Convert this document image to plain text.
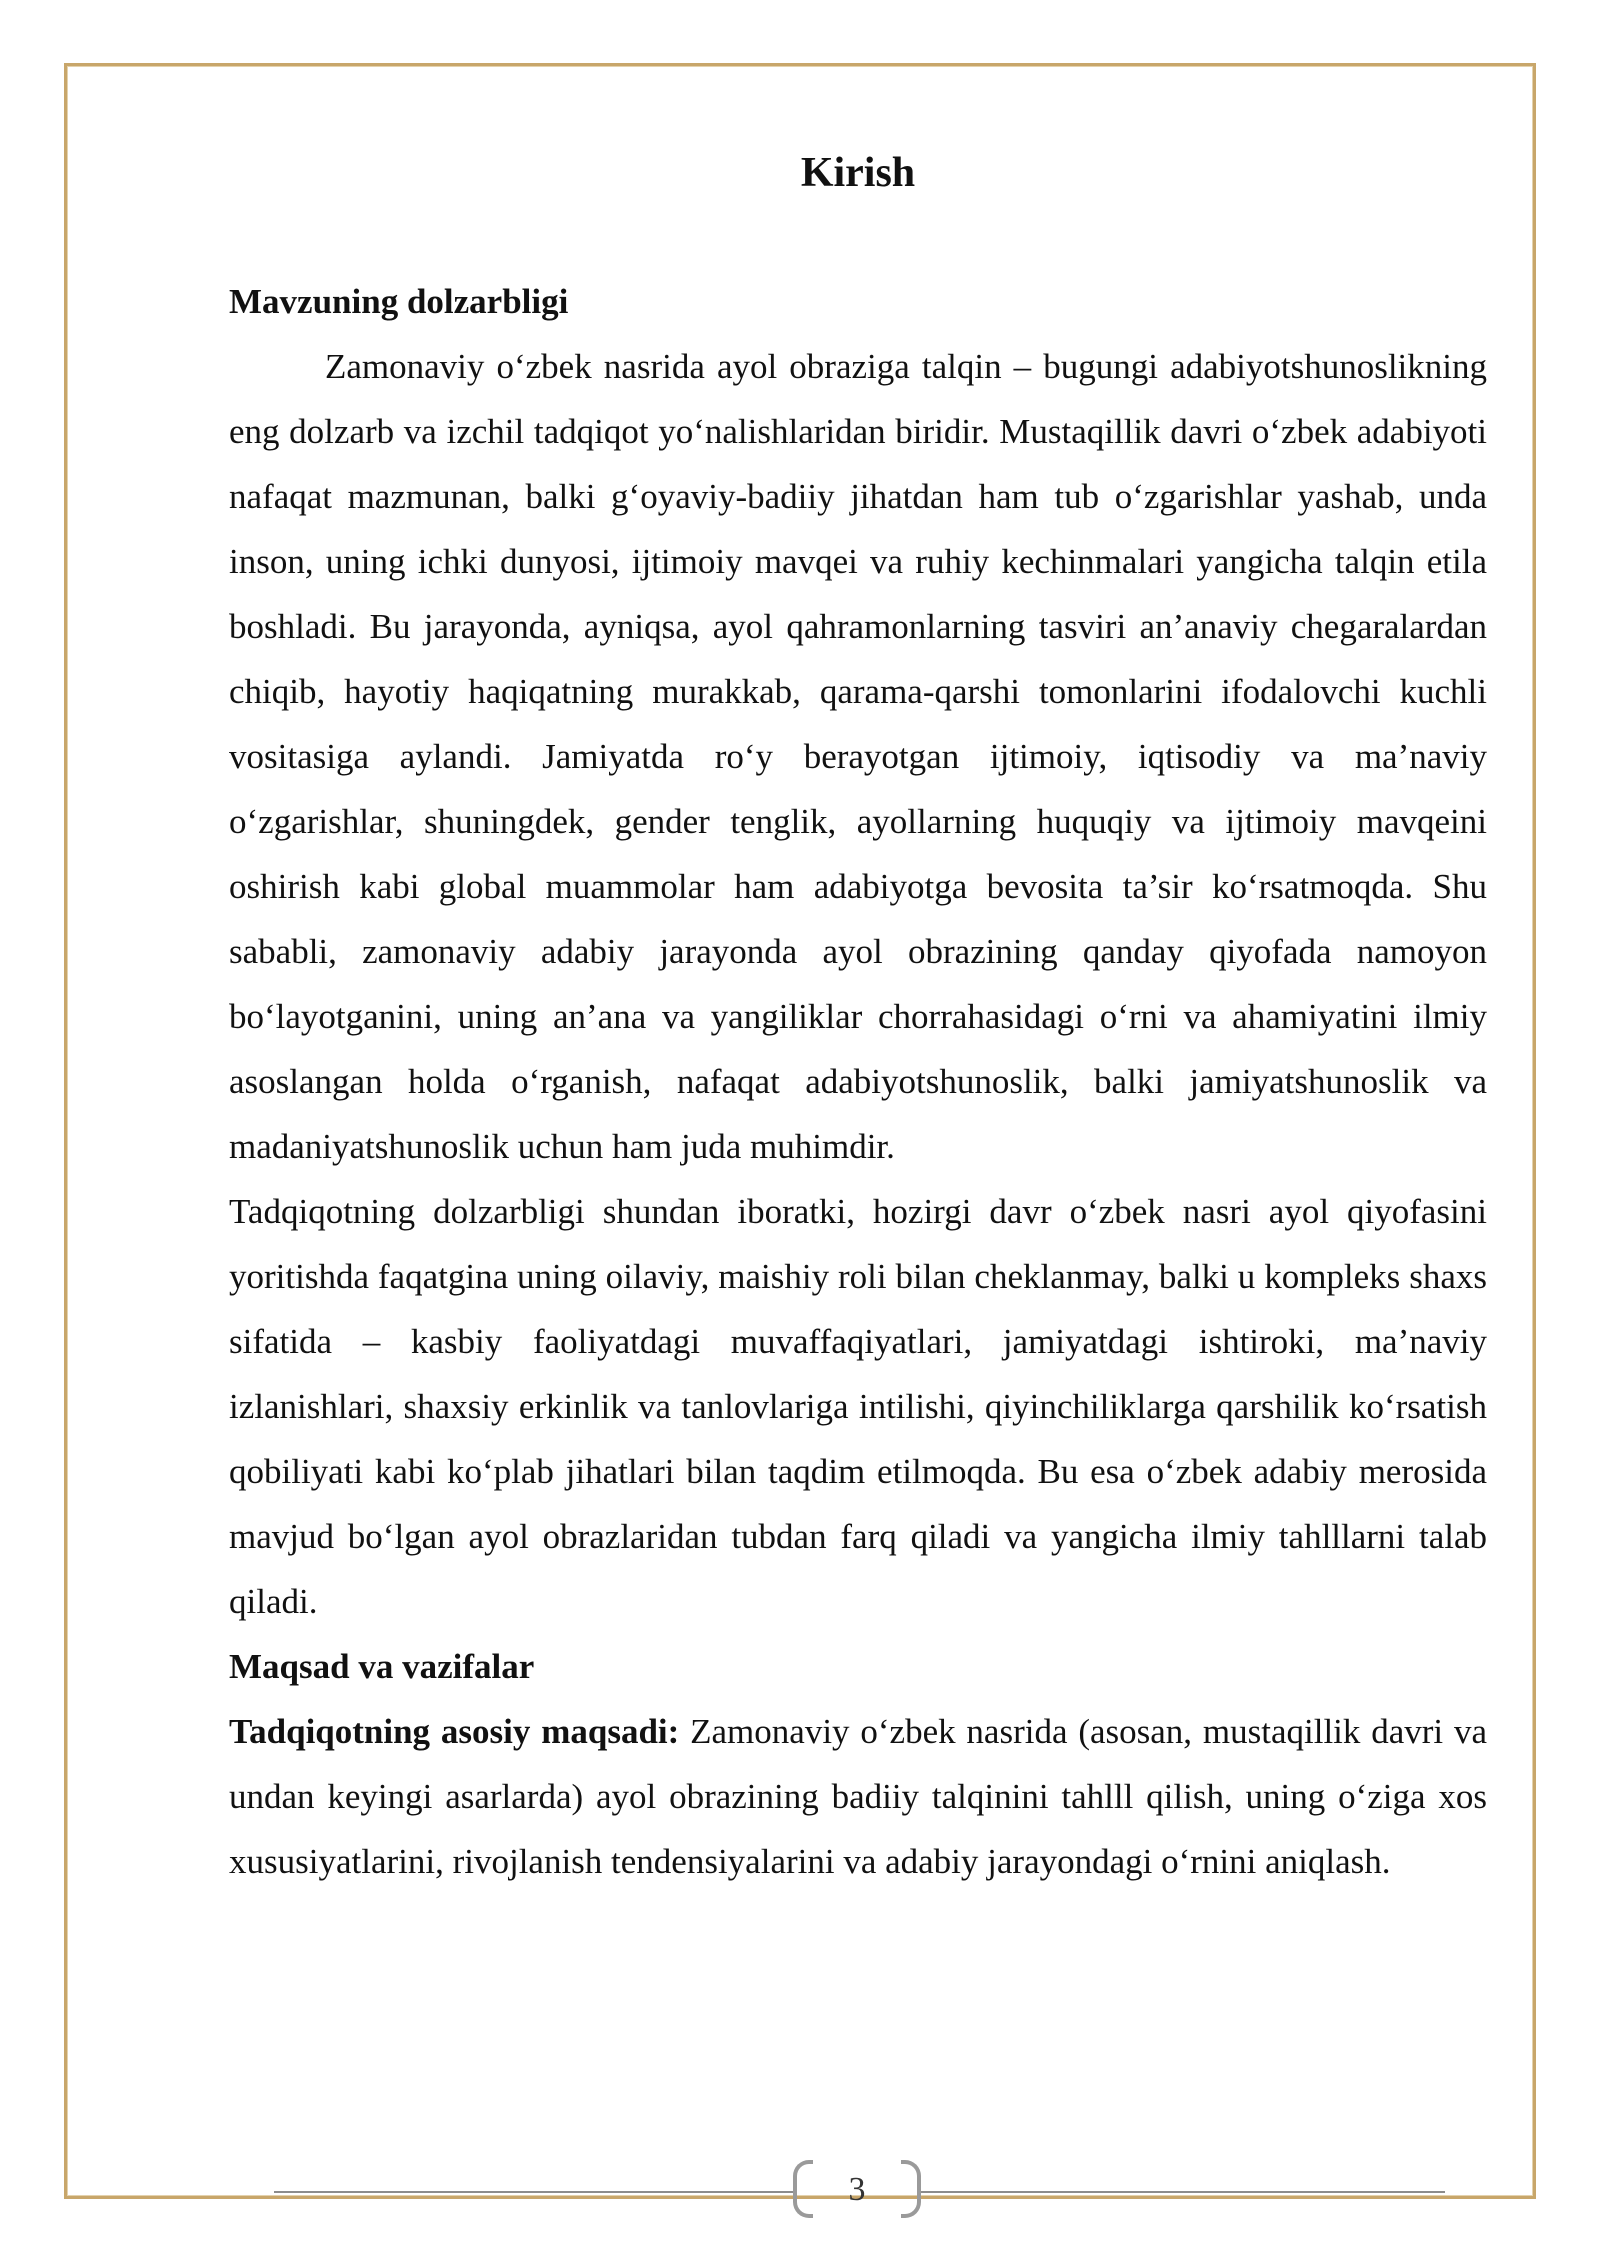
Kirish

Mavzuning dolzarbligi

Zamonaviy o‘zbek nasrida ayol obraziga talqin – bugungi adabiyotshunoslikning eng dolzarb va izchil tadqiqot yo‘nalishlaridan biridir. Mustaqillik davri o‘zbek adabiyoti nafaqat mazmunan, balki g‘oyaviy-badiiy jihatdan ham tub o‘zgarishlar yashab, unda inson, uning ichki dunyosi, ijtimoiy mavqei va ruhiy kechinmalari yangicha talqin etila boshladi. Bu jarayonda, ayniqsa, ayol qahramonlarning tasviri an’anaviy chegaralardan chiqib, hayotiy haqiqatning murakkab, qarama-qarshi tomonlarini ifodalovchi kuchli vositasiga aylandi. Jamiyatda ro‘y berayotgan ijtimoiy, iqtisodiy va ma’naviy o‘zgarishlar, shuningdek, gender tenglik, ayollarning huquqiy va ijtimoiy mavqeini oshirish kabi global muammolar ham adabiyotga bevosita ta’sir ko‘rsatmoqda. Shu sababli, zamonaviy adabiy jarayonda ayol obrazining qanday qiyofada namoyon bo‘layotganini, uning an’ana va yangiliklar chorrahasidagi o‘rni va ahamiyatini ilmiy asoslangan holda o‘rganish, nafaqat adabiyotshunoslik, balki jamiyatshunoslik va madaniyatshunoslik uchun ham juda muhimdir.

Tadqiqotning dolzarbligi shundan iboratki, hozirgi davr o‘zbek nasri ayol qiyofasini yoritishda faqatgina uning oilaviy, maishiy roli bilan cheklanmay, balki u kompleks shaxs sifatida – kasbiy faoliyatdagi muvaffaqiyatlari, jamiyatdagi ishtiroki, ma’naviy izlanishlari, shaxsiy erkinlik va tanlovlariga intilishi, qiyinchiliklarga qarshilik ko‘rsatish qobiliyati kabi ko‘plab jihatlari bilan taqdim etilmoqda. Bu esa o‘zbek adabiy merosida mavjud bo‘lgan ayol obrazlaridan tubdan farq qiladi va yangicha ilmiy tahlllarni talab qiladi.

Maqsad va vazifalar

Tadqiqotning asosiy maqsadi: Zamonaviy o‘zbek nasrida (asosan, mustaqillik davri va undan keyingi asarlarda) ayol obrazining badiiy talqinini tahlll qilish, uning o‘ziga xos xususiyatlarini, rivojlanish tendensiyalarini va adabiy jarayondagi o‘rnini aniqlash.

3
